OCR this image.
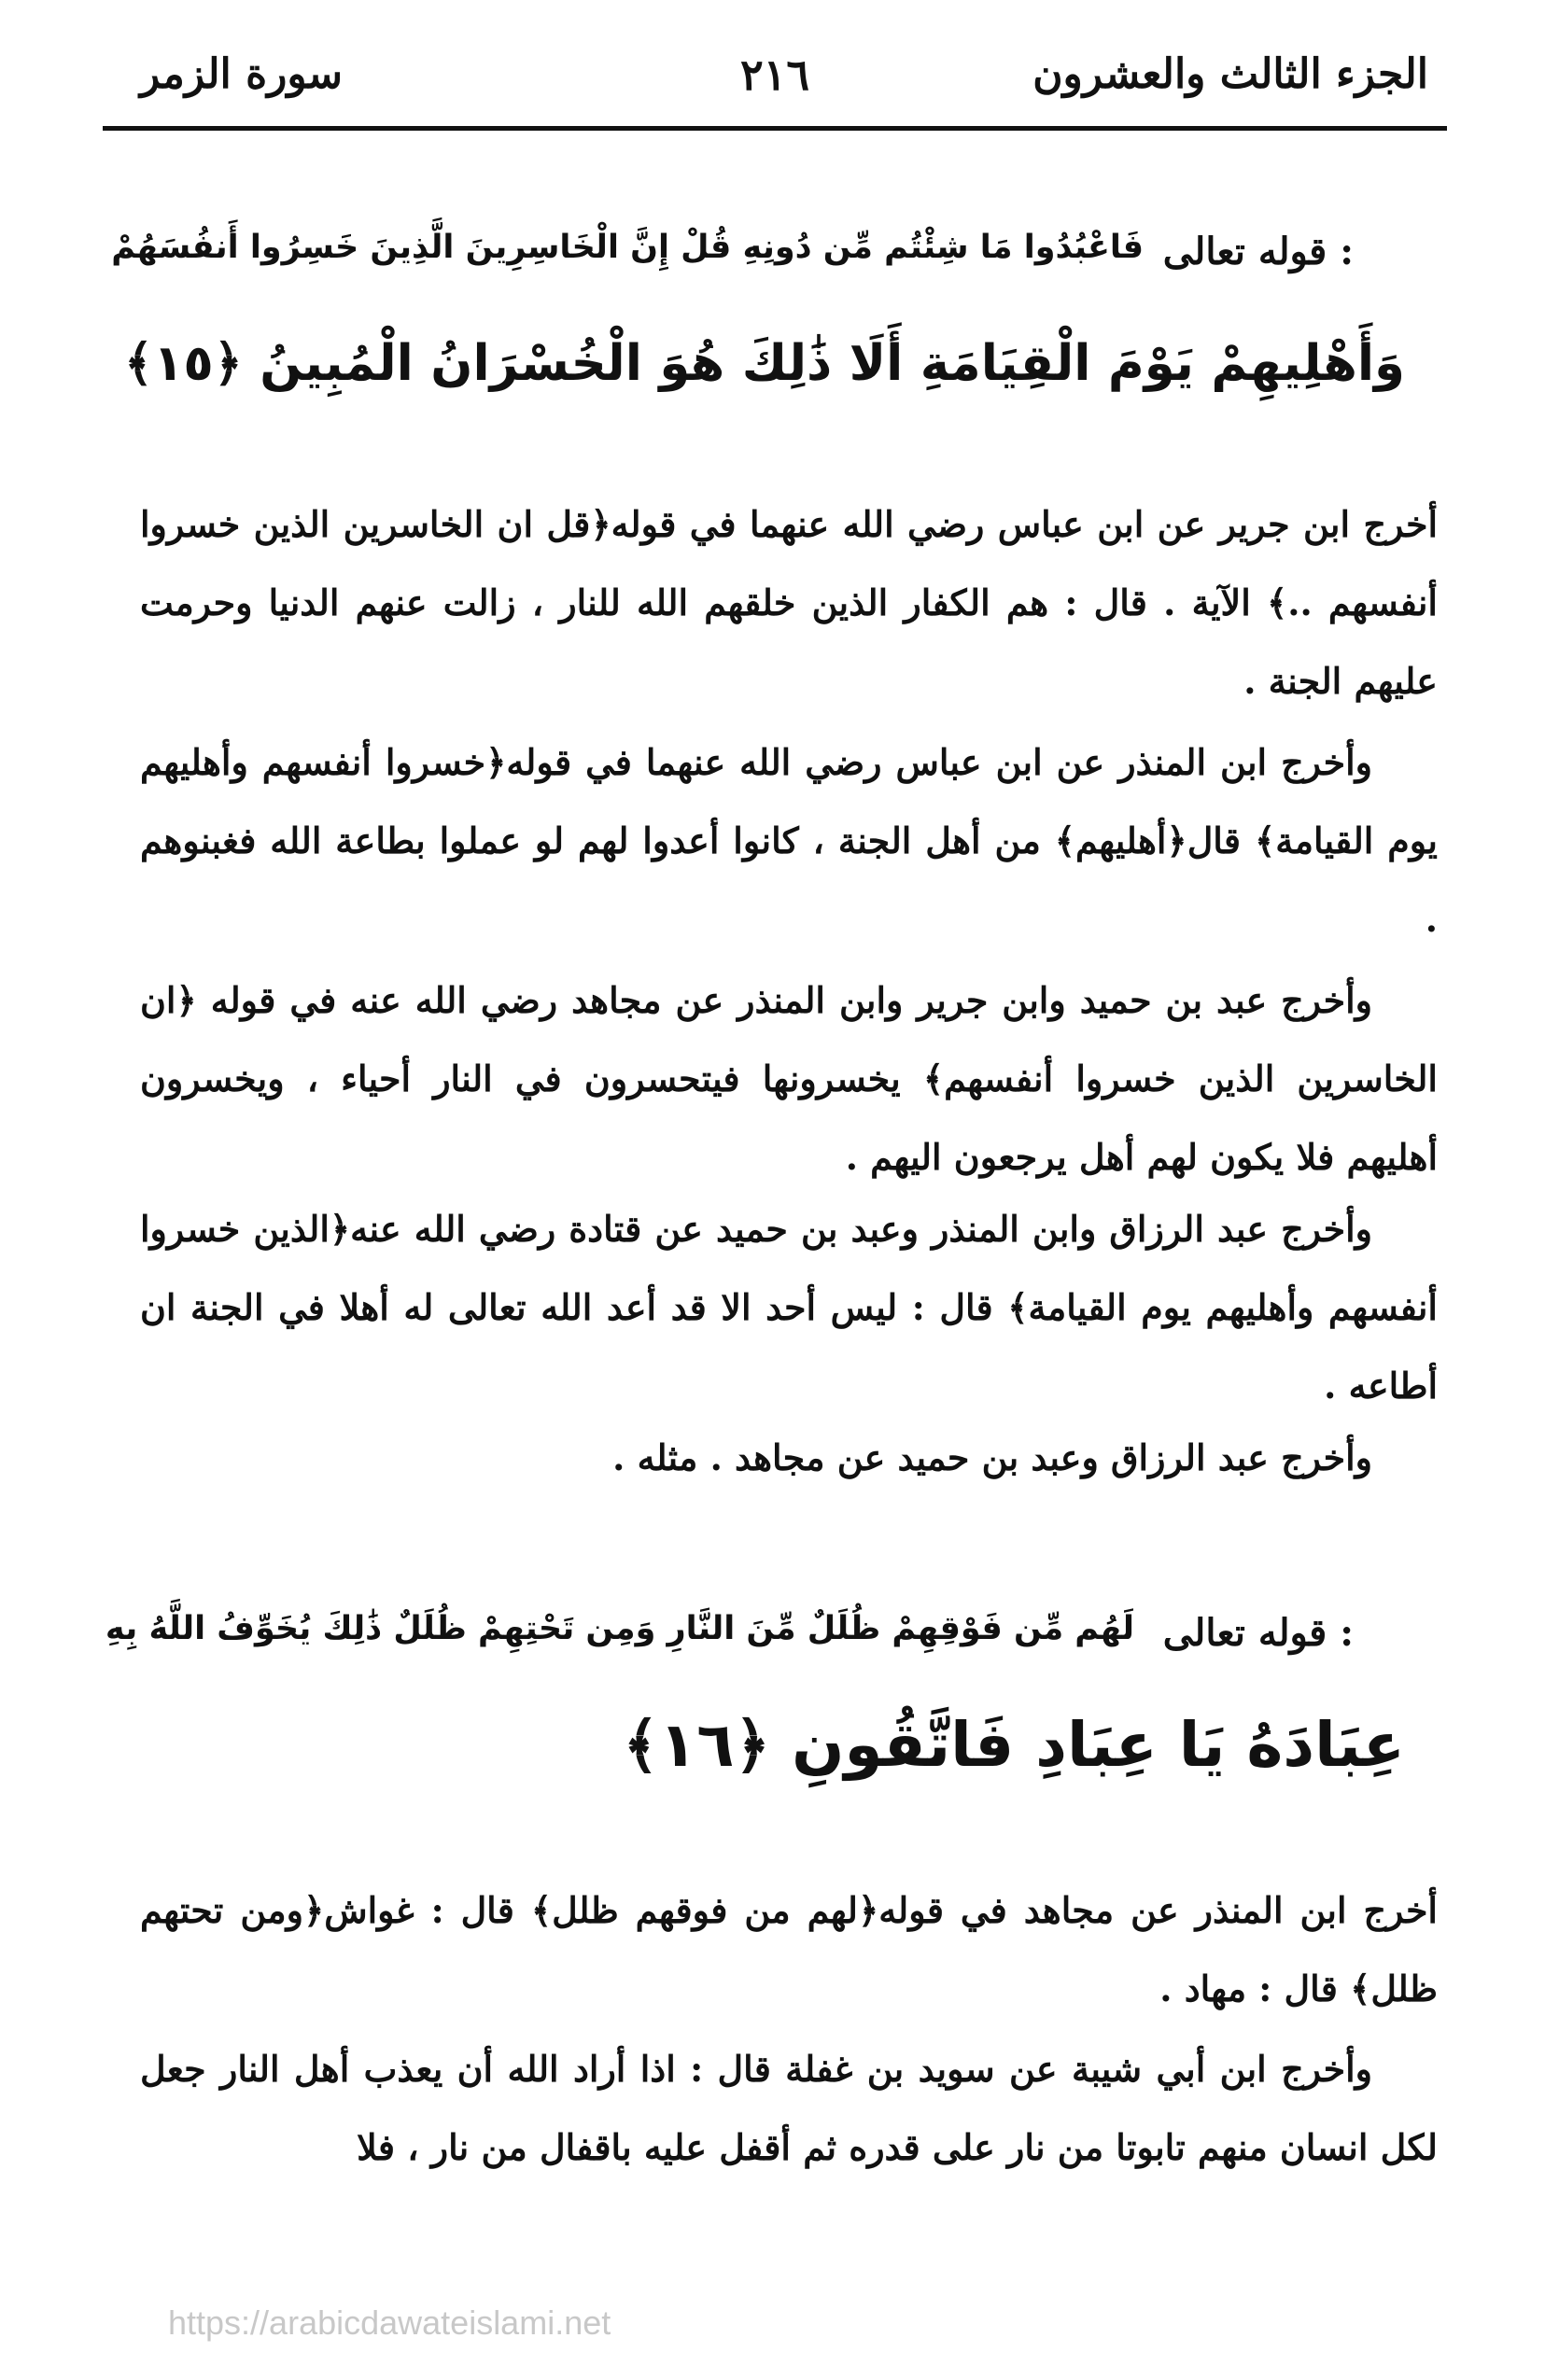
الجزء الثالث والعشرون
٢١٦
سورة الزمر
قوله تعالى :
فَاعْبُدُوا مَا شِئْتُم مِّن دُونِهِ قُلْ إِنَّ الْخَاسِرِينَ الَّذِينَ خَسِرُوا أَنفُسَهُمْ
وَأَهْلِيهِمْ يَوْمَ الْقِيَامَةِ أَلَا ذَٰلِكَ هُوَ الْخُسْرَانُ الْمُبِينُ ﴿١٥﴾
أخرج ابن جرير عن ابن عباس رضي الله عنهما في قوله﴿قل ان الخاسرين الذين خسروا أنفسهم ..﴾ الآية . قال : هم الكفار الذين خلقهم الله للنار ، زالت عنهم الدنيا وحرمت عليهم الجنة .
وأخرج ابن المنذر عن ابن عباس رضي الله عنهما في قوله﴿خسروا أنفسهم وأهليهم يوم القيامة﴾ قال﴿أهليهم﴾ من أهل الجنة ، كانوا أعدوا لهم لو عملوا بطاعة الله فغبنوهم .
وأخرج عبد بن حميد وابن جرير وابن المنذر عن مجاهد رضي الله عنه في قوله ﴿ان الخاسرين الذين خسروا أنفسهم﴾ يخسرونها فيتحسرون في النار أحياء ، ويخسرون أهليهم فلا يكون لهم أهل يرجعون اليهم .
وأخرج عبد الرزاق وابن المنذر وعبد بن حميد عن قتادة رضي الله عنه﴿الذين خسروا أنفسهم وأهليهم يوم القيامة﴾ قال : ليس أحد الا قد أعد الله تعالى له أهلا في الجنة ان أطاعه .
وأخرج عبد الرزاق وعبد بن حميد عن مجاهد . مثله .
قوله تعالى :
لَهُم مِّن فَوْقِهِمْ ظُلَلٌ مِّنَ النَّارِ وَمِن تَحْتِهِمْ ظُلَلٌ ذَٰلِكَ يُخَوِّفُ اللَّهُ بِهِ
عِبَادَهُ يَا عِبَادِ فَاتَّقُونِ ﴿١٦﴾
أخرج ابن المنذر عن مجاهد في قوله﴿لهم من فوقهم ظلل﴾ قال : غواش﴿ومن تحتهم ظلل﴾ قال : مهاد .
وأخرج ابن أبي شيبة عن سويد بن غفلة قال : اذا أراد الله أن يعذب أهل النار جعل لكل انسان منهم تابوتا من نار على قدره ثم أقفل عليه باقفال من نار ، فلا
https://arabicdawateislami.net
